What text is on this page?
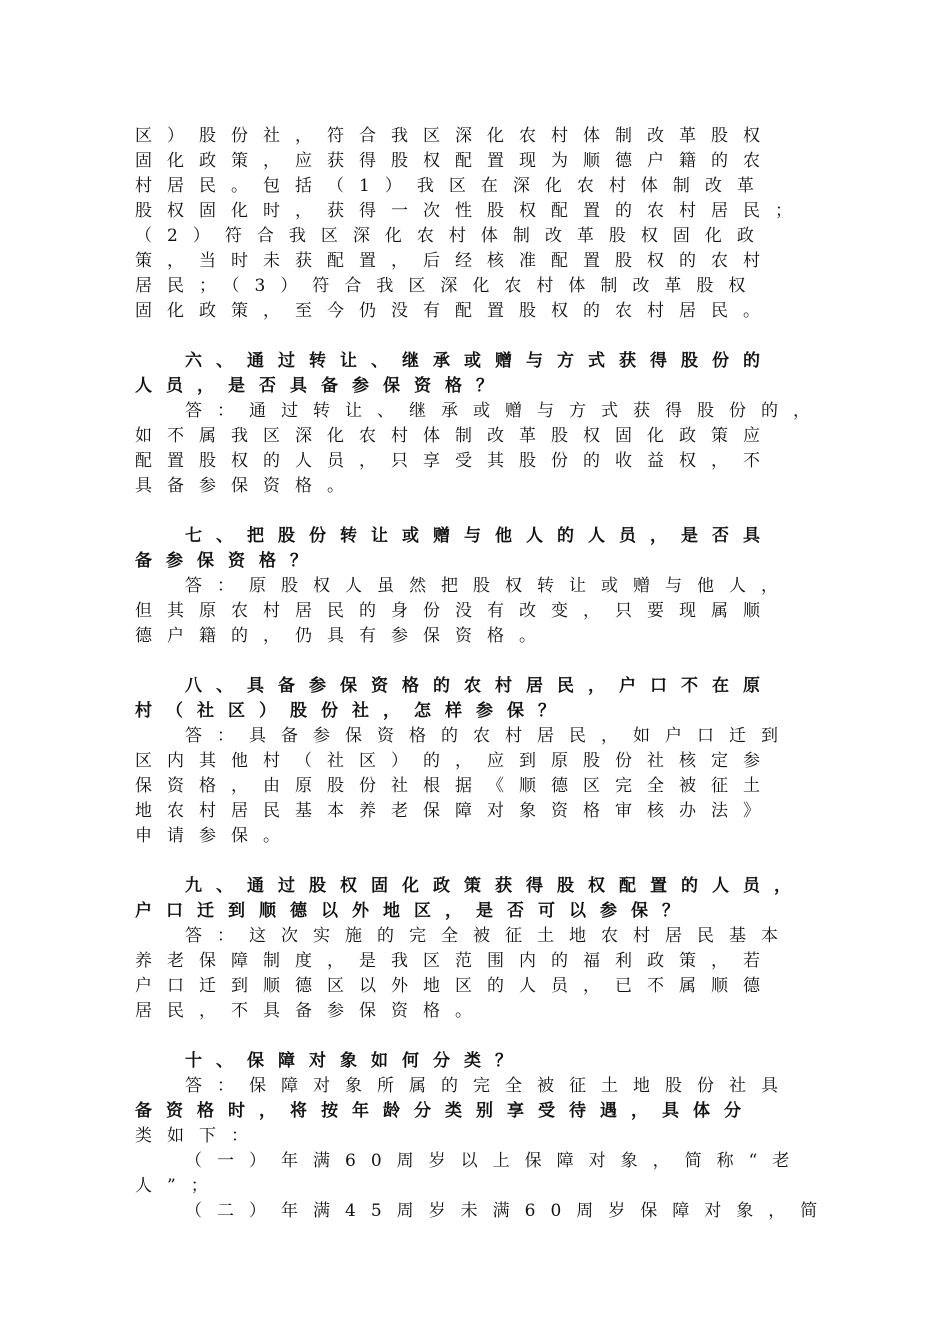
区）股份社，符合我区深化农村体制改革股权
固化政策，应获得股权配置现为顺德户籍的农
村居民。包括（1）我区在深化农村体制改革
股权固化时，获得一次性股权配置的农村居民；
（2）符合我区深化农村体制改革股权固化政
策，当时未获配置，后经核准配置股权的农村
居民；（3）符合我区深化农村体制改革股权
固化政策，至今仍没有配置股权的农村居民。
六、通过转让、继承或赠与方式获得股份的
人员，是否具备参保资格？
答：通过转让、继承或赠与方式获得股份的，
如不属我区深化农村体制改革股权固化政策应
配置股权的人员，只享受其股份的收益权，不
具备参保资格。
七、把股份转让或赠与他人的人员，是否具
备参保资格？
答：原股权人虽然把股权转让或赠与他人，
但其原农村居民的身份没有改变，只要现属顺
德户籍的，仍具有参保资格。
八、具备参保资格的农村居民，户口不在原
村（社区）股份社，怎样参保？
答：具备参保资格的农村居民，如户口迁到
区内其他村（社区）的，应到原股份社核定参
保资格，由原股份社根据《顺德区完全被征土
地农村居民基本养老保障对象资格审核办法》
申请参保。
九、通过股权固化政策获得股权配置的人员，
户口迁到顺德以外地区，是否可以参保？
答：这次实施的完全被征土地农村居民基本
养老保障制度，是我区范围内的福利政策，若
户口迁到顺德区以外地区的人员，已不属顺德
居民，不具备参保资格。
十、保障对象如何分类？
答：保障对象所属的完全被征土地股份社具
备资格时，将按年龄分类别享受待遇，具体分
类如下：
（一）年满60周岁以上保障对象，简称“老
人”；
（二）年满45周岁未满60周岁保障对象，简
